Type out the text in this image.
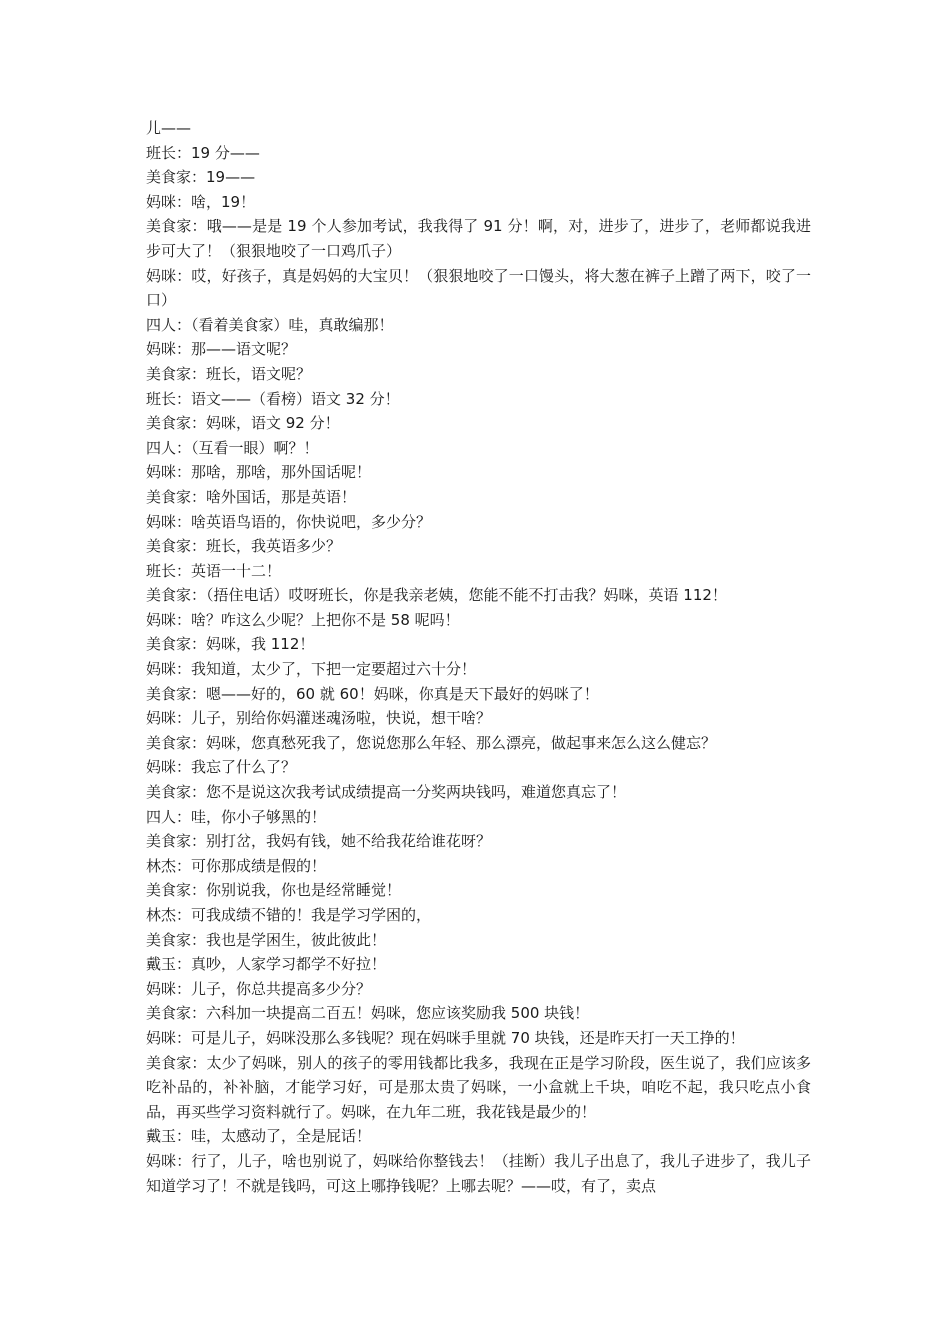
儿——

班长：19 分——

美食家：19——

妈咪：啥，19！

美食家：哦——是是 19 个人参加考试，我我得了 91 分！啊，对，进步了，进步了，老师都说我进步可大了！（狠狠地咬了一口鸡爪子）

妈咪：哎，好孩子，真是妈妈的大宝贝！（狠狠地咬了一口馒头，将大葱在裤子上蹭了两下，咬了一口）

四人：（看着美食家）哇，真敢编那！

妈咪：那——语文呢？

美食家：班长，语文呢？

班长：语文——（看榜）语文 32 分！

美食家：妈咪，语文 92 分！

四人：（互看一眼）啊？！

妈咪：那啥，那啥，那外国话呢！

美食家：啥外国话，那是英语！

妈咪：啥英语鸟语的，你快说吧，多少分？

美食家：班长，我英语多少？

班长：英语一十二！

美食家：（捂住电话）哎呀班长，你是我亲老姨，您能不能不打击我？妈咪，英语 112！

妈咪：啥？咋这么少呢？上把你不是 58 呢吗！

美食家：妈咪，我 112！

妈咪：我知道，太少了，下把一定要超过六十分！

美食家：嗯——好的，60 就 60！妈咪，你真是天下最好的妈咪了！

妈咪：儿子，别给你妈灌迷魂汤啦，快说，想干啥？

美食家：妈咪，您真愁死我了，您说您那么年轻、那么漂亮，做起事来怎么这么健忘？

妈咪：我忘了什么了？

美食家：您不是说这次我考试成绩提高一分奖两块钱吗，难道您真忘了！

四人：哇，你小子够黑的！

美食家：别打岔，我妈有钱，她不给我花给谁花呀？

林杰：可你那成绩是假的！

美食家：你别说我，你也是经常睡觉！

林杰：可我成绩不错的！我是学习学困的，

美食家：我也是学困生，彼此彼此！

戴玉：真吵，人家学习都学不好拉！

妈咪：儿子，你总共提高多少分？

美食家：六科加一块提高二百五！妈咪，您应该奖励我 500 块钱！

妈咪：可是儿子，妈咪没那么多钱呢？现在妈咪手里就 70 块钱，还是昨天打一天工挣的！

美食家：太少了妈咪，别人的孩子的零用钱都比我多，我现在正是学习阶段，医生说了，我们应该多吃补品的，补补脑，才能学习好，可是那太贵了妈咪，一小盒就上千块，咱吃不起，我只吃点小食品，再买些学习资料就行了。妈咪，在九年二班，我花钱是最少的！

戴玉：哇，太感动了，全是屁话！

妈咪：行了，儿子，啥也别说了，妈咪给你整钱去！（挂断）我儿子出息了，我儿子进步了，我儿子知道学习了！不就是钱吗，可这上哪挣钱呢？上哪去呢？——哎，有了，卖点
